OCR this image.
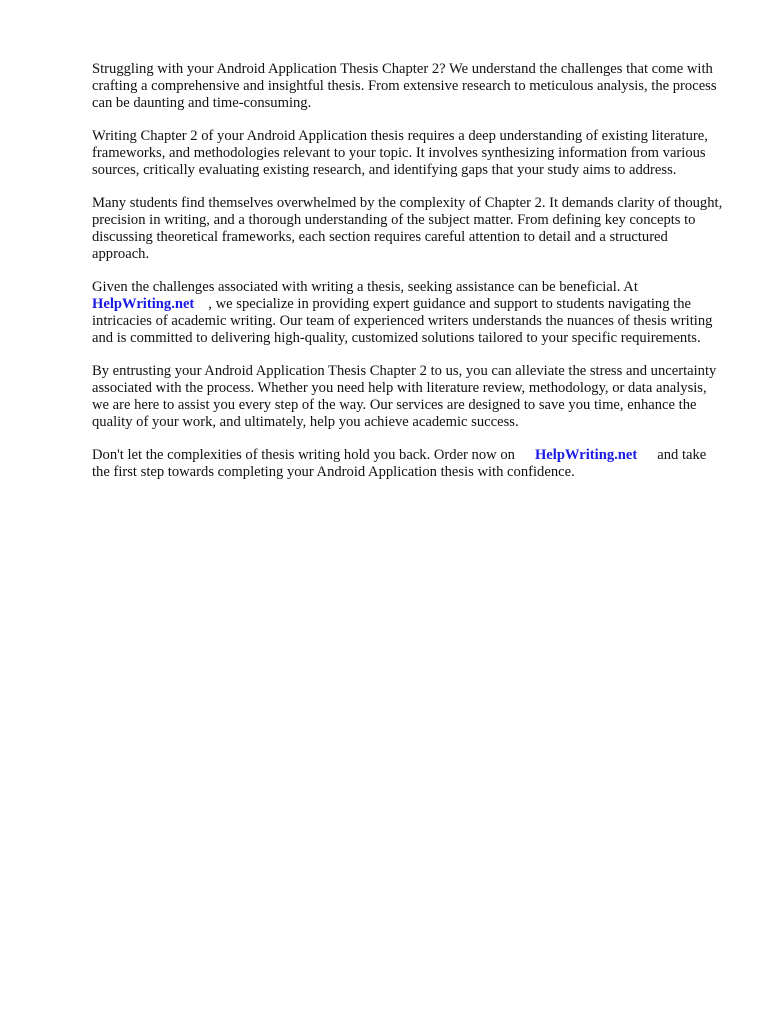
Struggling with your Android Application Thesis Chapter 2? We understand the challenges that come with crafting a comprehensive and insightful thesis. From extensive research to meticulous analysis, the process can be daunting and time-consuming.

Writing Chapter 2 of your Android Application thesis requires a deep understanding of existing literature, frameworks, and methodologies relevant to your topic. It involves synthesizing information from various sources, critically evaluating existing research, and identifying gaps that your study aims to address.

Many students find themselves overwhelmed by the complexity of Chapter 2. It demands clarity of thought, precision in writing, and a thorough understanding of the subject matter. From defining key concepts to discussing theoretical frameworks, each section requires careful attention to detail and a structured approach.

Given the challenges associated with writing a thesis, seeking assistance can be beneficial. At
HelpWriting.net , we specialize in providing expert guidance and support to students navigating the intricacies of academic writing. Our team of experienced writers understands the nuances of thesis writing and is committed to delivering high-quality, customized solutions tailored to your specific requirements.

By entrusting your Android Application Thesis Chapter 2 to us, you can alleviate the stress and uncertainty associated with the process. Whether you need help with literature review, methodology, or data analysis, we are here to assist you every step of the way. Our services are designed to save you time, enhance the quality of your work, and ultimately, help you achieve academic success.

Don't let the complexities of thesis writing hold you back. Order now on HelpWriting.net and take the first step towards completing your Android Application thesis with confidence.
